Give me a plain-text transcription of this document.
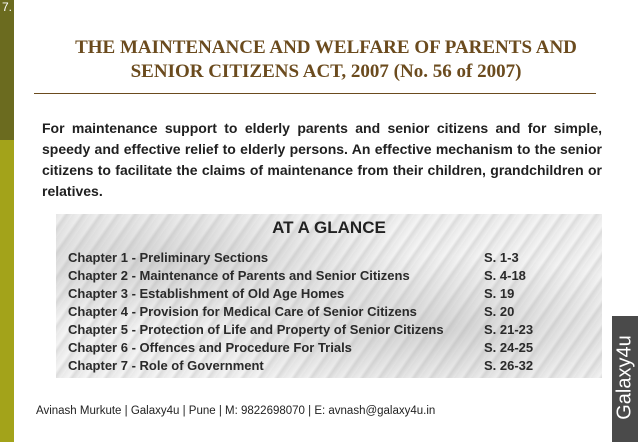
7.
THE MAINTENANCE AND WELFARE OF PARENTS AND
SENIOR CITIZENS ACT, 2007 (No. 56 of 2007)
For maintenance support to elderly parents and senior citizens and for simple, speedy and effective relief to elderly persons. An effective mechanism to the senior citizens to facilitate the claims of maintenance from their children, grandchildren or relatives.
AT A GLANCE
Chapter 1 - Preliminary Sections	S. 1-3
Chapter 2 - Maintenance of Parents and Senior Citizens	S. 4-18
Chapter 3 - Establishment of Old Age Homes	S. 19
Chapter 4 - Provision for Medical Care of Senior Citizens	S. 20
Chapter 5 - Protection of Life and Property of Senior Citizens	S. 21-23
Chapter 6 - Offences and Procedure For Trials	S. 24-25
Chapter 7 - Role of Government	S. 26-32
Avinash Murkute | Galaxy4u | Pune | M: 9822698070 | E: avnash@galaxy4u.in	Galaxy4u
